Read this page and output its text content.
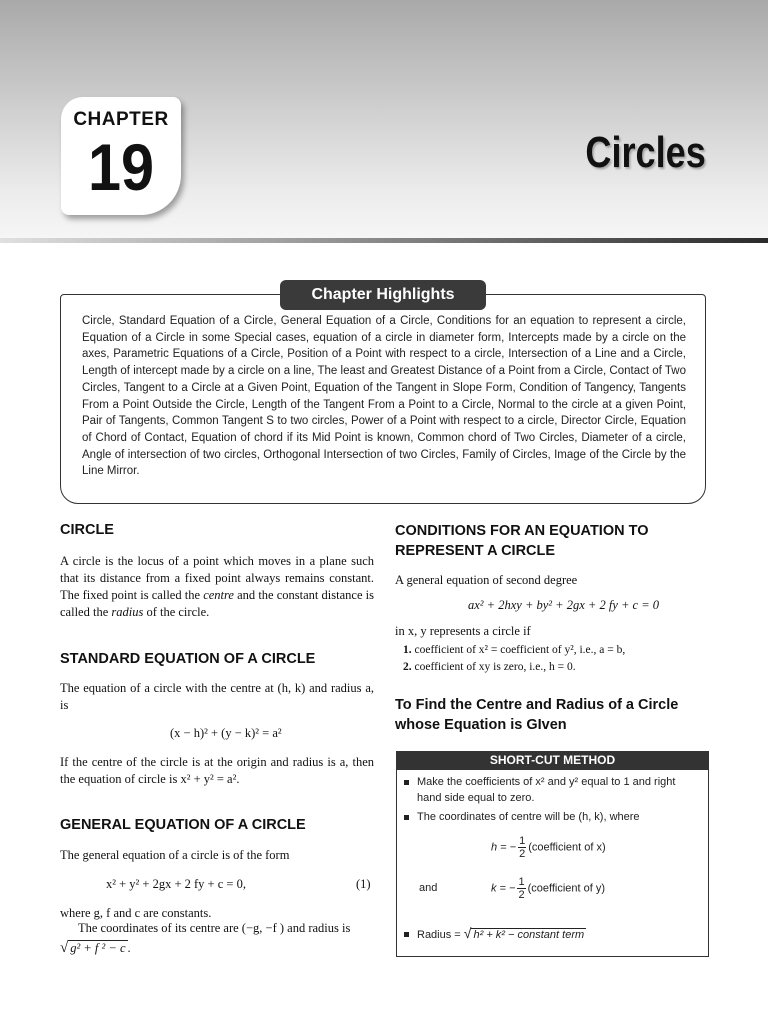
CHAPTER
19	Circles
Chapter Highlights
Circle, Standard Equation of a Circle, General Equation of a Circle, Conditions for an equation to represent a circle, Equation of a Circle in some Special cases, equation of a circle in diameter form, Intercepts made by a circle on the axes, Parametric Equations of a Circle, Position of a Point with respect to a circle, Intersection of a Line and a Circle, Length of intercept made by a circle on a line, The least and Greatest Distance of a Point from a Circle, Contact of Two Circles, Tangent to a Circle at a Given Point, Equation of the Tangent in Slope Form, Condition of Tangency, Tangents From a Point Outside the Circle, Length of the Tangent From a Point to a Circle, Normal to the circle at a given Point, Pair of Tangents, Common Tangent S to two circles, Power of a Point with respect to a circle, Director Circle, Equation of Chord of Contact, Equation of chord if its Mid Point is known, Common chord of Two Circles, Diameter of a circle, Angle of intersection of two circles, Orthogonal Intersection of two Circles, Family of Circles, Image of the Circle by the Line Mirror.
CIRCLE
A circle is the locus of a point which moves in a plane such that its distance from a fixed point always remains constant. The fixed point is called the centre and the constant distance is called the radius of the circle.
STANDARD EQUATION OF A CIRCLE
The equation of a circle with the centre at (h, k) and radius a, is
(x − h)² + (y − k)² = a²
If the centre of the circle is at the origin and radius is a, then the equation of circle is x² + y² = a².
GENERAL EQUATION OF A CIRCLE
The general equation of a circle is of the form
x² + y² + 2gx + 2 fy + c = 0,	(1)
where g, f and c are constants.
The coordinates of its centre are (−g, −f ) and radius is
√ g² + f ² − c .
CONDITIONS FOR AN EQUATION TO REPRESENT A CIRCLE
A general equation of second degree
ax² + 2hxy + by² + 2gx + 2 fy + c = 0
in x, y represents a circle if
1. coefficient of x² = coefficient of y², i.e., a = b,
2. coefficient of xy is zero, i.e., h = 0.
To Find the Centre and Radius of a Circle whose Equation is GIven
SHORT-CUT METHOD
Make the coefficients of x² and y² equal to 1 and right hand side equal to zero.
The coordinates of centre will be (h, k), where
h = − $\frac{1}{2}$ (coefficient of x)
and	k = − $\frac{1}{2}$ (coefficient of y)
Radius = √ h² + k² − constant term
